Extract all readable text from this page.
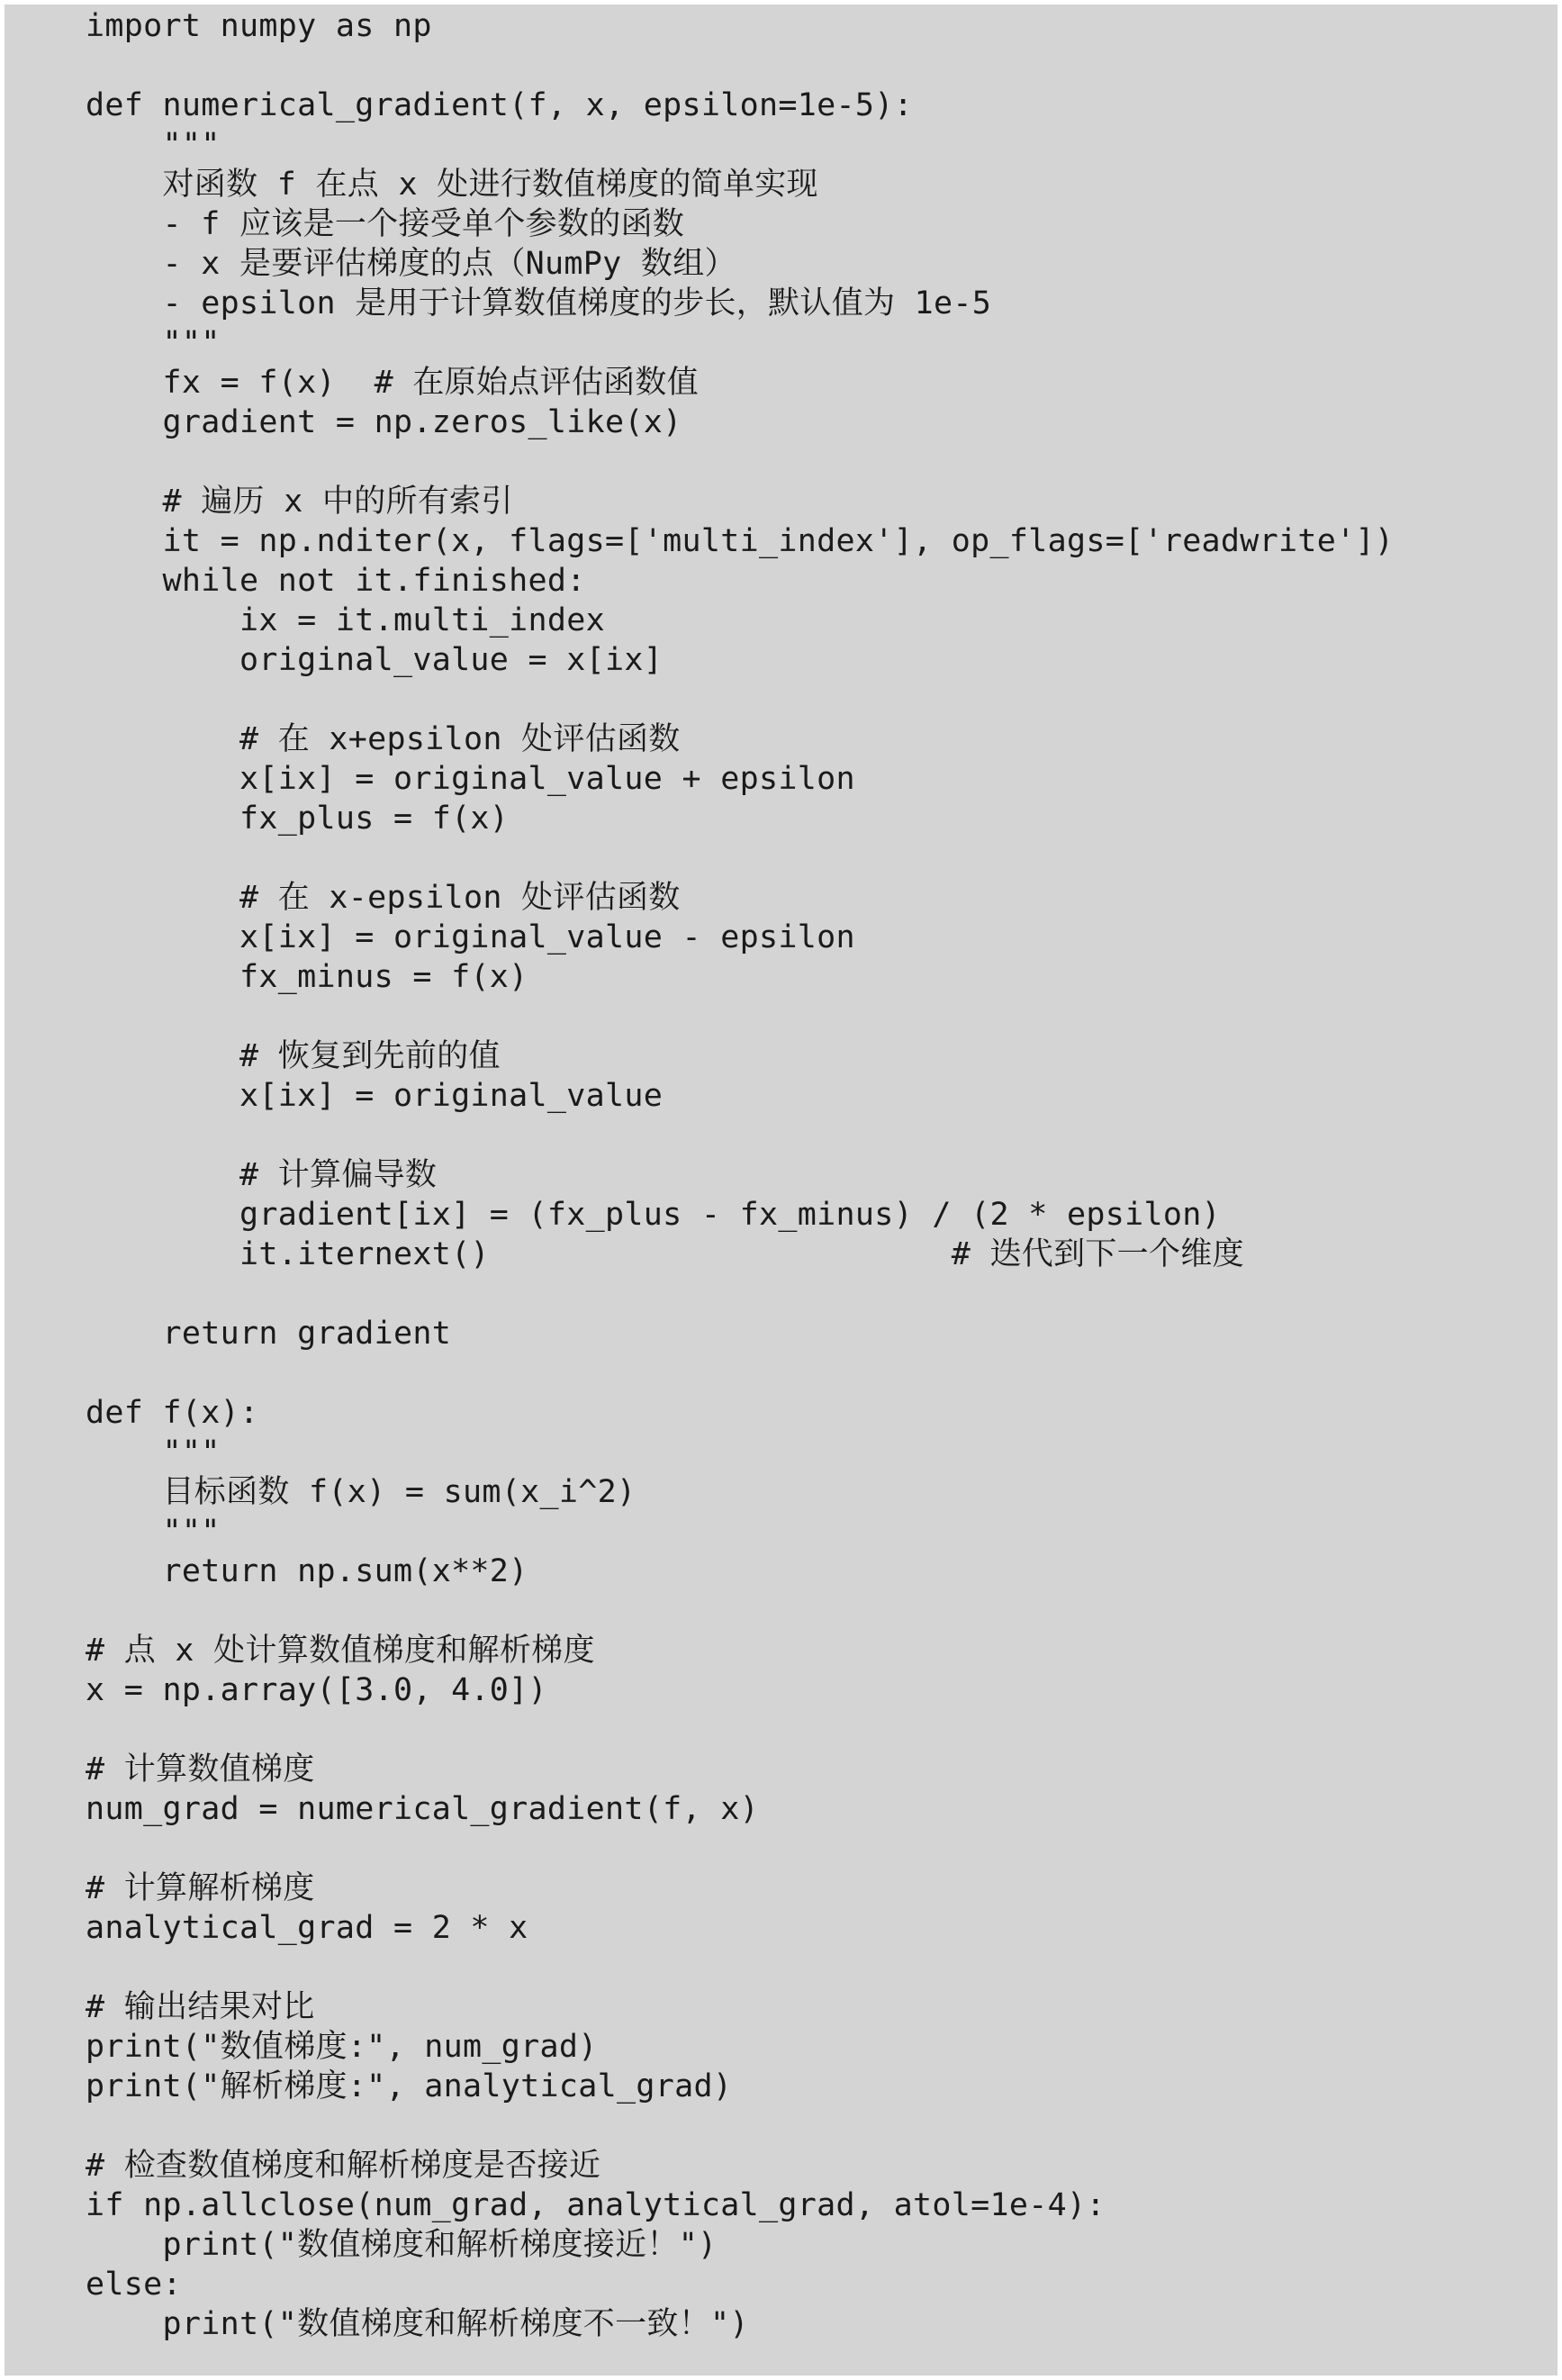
import numpy as np
def numerical_gradient(f, x, epsilon=1e-5):
"""
对函数 f 在点 x 处进行数值梯度的简单实现
- f 应该是一个接受单个参数的函数
- x 是要评估梯度的点（NumPy 数组）
- epsilon 是用于计算数值梯度的步长，默认值为 1e-5
"""
fx = f(x)  # 在原始点评估函数值
gradient = np.zeros_like(x)
# 遍历 x 中的所有索引
it = np.nditer(x, flags=['multi_index'], op_flags=['readwrite'])
while not it.finished:
ix = it.multi_index
original_value = x[ix]
# 在 x+epsilon 处评估函数
x[ix] = original_value + epsilon
fx_plus = f(x)
# 在 x-epsilon 处评估函数
x[ix] = original_value - epsilon
fx_minus = f(x)
# 恢复到先前的值
x[ix] = original_value
# 计算偏导数
gradient[ix] = (fx_plus - fx_minus) / (2 * epsilon)
it.iternext()                        # 迭代到下一个维度
return gradient
def f(x):
"""
目标函数 f(x) = sum(x_i^2)
"""
return np.sum(x**2)
# 点 x 处计算数值梯度和解析梯度
x = np.array([3.0, 4.0])
# 计算数值梯度
num_grad = numerical_gradient(f, x)
# 计算解析梯度
analytical_grad = 2 * x
# 输出结果对比
print("数值梯度:", num_grad)
print("解析梯度:", analytical_grad)
# 检查数值梯度和解析梯度是否接近
if np.allclose(num_grad, analytical_grad, atol=1e-4):
print("数值梯度和解析梯度接近！")
else:
print("数值梯度和解析梯度不一致！")
